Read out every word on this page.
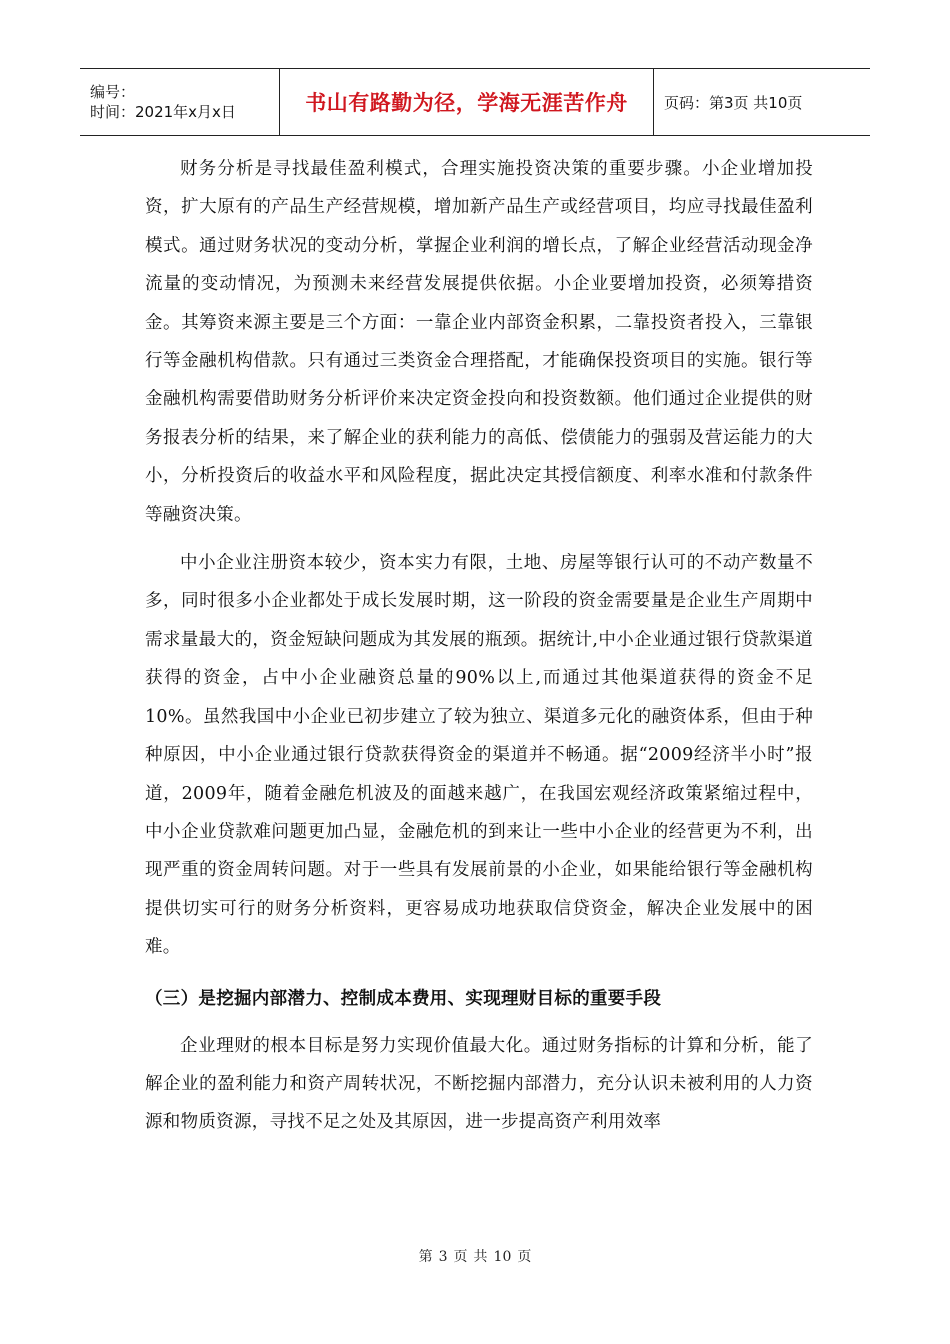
编号：
时间：2021年x月x日	书山有路勤为径，学海无涯苦作舟 页码：第3页 共10页

财务分析是寻找最佳盈利模式，合理实施投资决策的重要步骤。小企业增加投资，扩大原有的产品生产经营规模，增加新产品生产或经营项目，均应寻找最佳盈利模式。通过财务状况的变动分析，掌握企业利润的增长点，了解企业经营活动现金净流量的变动情况，为预测未来经营发展提供依据。小企业要增加投资，必须筹措资金。其筹资来源主要是三个方面：一靠企业内部资金积累，二靠投资者投入，三靠银行等金融机构借款。只有通过三类资金合理搭配，才能确保投资项目的实施。银行等金融机构需要借助财务分析评价来决定资金投向和投资数额。他们通过企业提供的财务报表分析的结果，来了解企业的获利能力的高低、偿债能力的强弱及营运能力的大小，分析投资后的收益水平和风险程度，据此决定其授信额度、利率水准和付款条件等融资决策。

中小企业注册资本较少，资本实力有限，土地、房屋等银行认可的不动产数量不多，同时很多小企业都处于成长发展时期，这一阶段的资金需要量是企业生产周期中需求量最大的，资金短缺问题成为其发展的瓶颈。据统计,中小企业通过银行贷款渠道获得的资金，占中小企业融资总量的90%以上,而通过其他渠道获得的资金不足10%。虽然我国中小企业已初步建立了较为独立、渠道多元化的融资体系，但由于种种原因，中小企业通过银行贷款获得资金的渠道并不畅通。据“2009经济半小时”报道，2009年，随着金融危机波及的面越来越广，在我国宏观经济政策紧缩过程中，中小企业贷款难问题更加凸显，金融危机的到来让一些中小企业的经营更为不利，出现严重的资金周转问题。对于一些具有发展前景的小企业，如果能给银行等金融机构提供切实可行的财务分析资料，更容易成功地获取信贷资金，解决企业发展中的困难。

（三）是挖掘内部潜力、控制成本费用、实现理财目标的重要手段

企业理财的根本目标是努力实现价值最大化。通过财务指标的计算和分析，能了解企业的盈利能力和资产周转状况，不断挖掘内部潜力，充分认识未被利用的人力资源和物质资源，寻找不足之处及其原因，进一步提高资产利用效率

第 3 页 共 10 页
